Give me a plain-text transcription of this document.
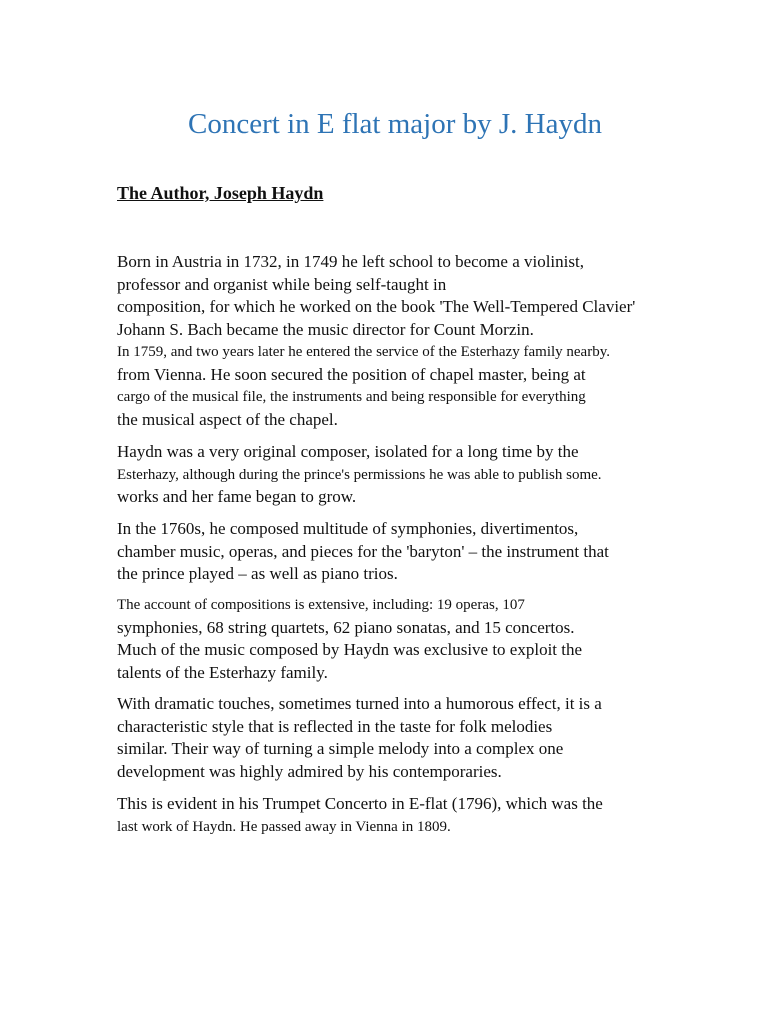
Concert in E flat major by J. Haydn
The Author, Joseph Haydn
Born in Austria in 1732, in 1749 he left school to become a violinist,
professor and organist while being self-taught in
composition, for which he worked on the book 'The Well-Tempered Clavier'
Johann S. Bach became the music director for Count Morzin.
In 1759, and two years later he entered the service of the Esterhazy family nearby.
from Vienna. He soon secured the position of chapel master, being at
cargo of the musical file, the instruments and being responsible for everything
the musical aspect of the chapel.
Haydn was a very original composer, isolated for a long time by the
Esterhazy, although during the prince's permissions he was able to publish some.
works and her fame began to grow.
In the 1760s, he composed multitude of symphonies, divertimentos,
chamber music, operas, and pieces for the 'baryton' – the instrument that
the prince played – as well as piano trios.
The account of compositions is extensive, including: 19 operas, 107
symphonies, 68 string quartets, 62 piano sonatas, and 15 concertos.
Much of the music composed by Haydn was exclusive to exploit the
talents of the Esterhazy family.
With dramatic touches, sometimes turned into a humorous effect, it is a
characteristic style that is reflected in the taste for folk melodies
similar. Their way of turning a simple melody into a complex one
development was highly admired by his contemporaries.
This is evident in his Trumpet Concerto in E-flat (1796), which was the
last work of Haydn. He passed away in Vienna in 1809.
